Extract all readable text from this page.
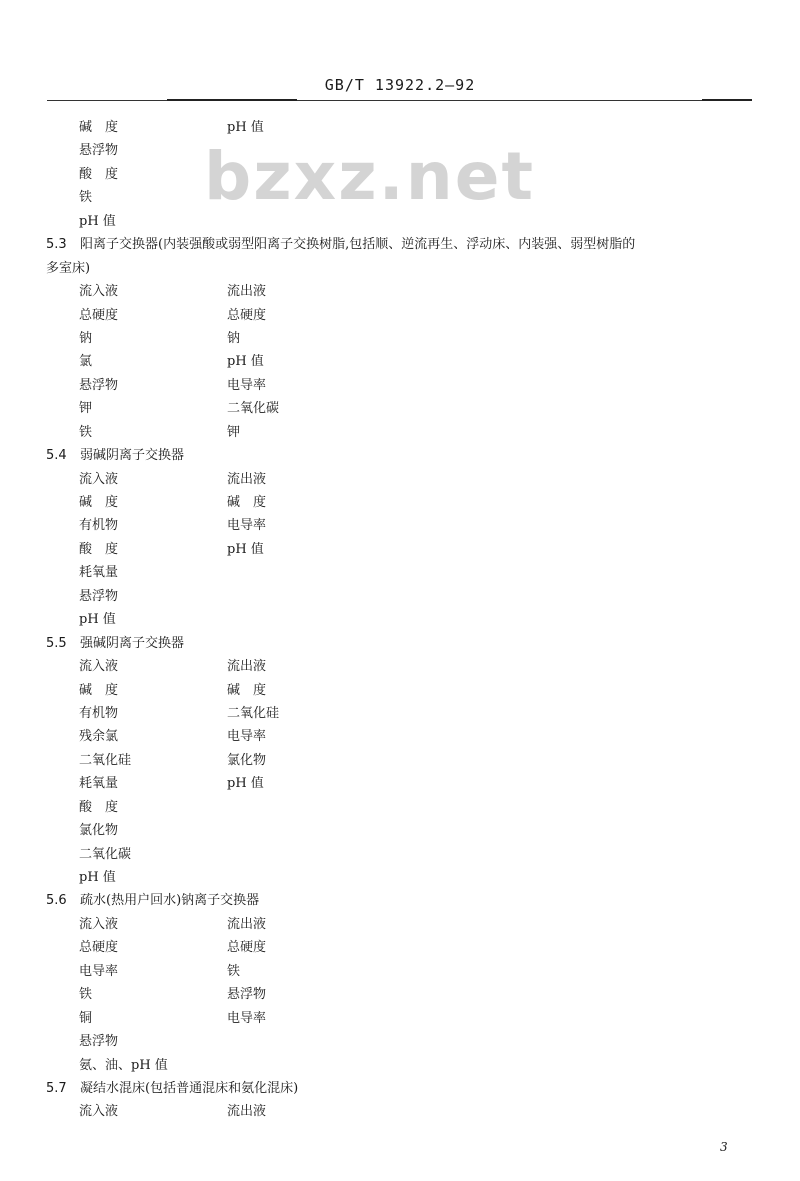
GB/T 13922.2—92
bzxz.net
碱　度	pH 值
悬浮物
酸　度
铁
pH 值
5.3 阳离子交换器(内装强酸或弱型阳离子交换树脂,包括顺、逆流再生、浮动床、内装强、弱型树脂的
多室床)
流入液	流出液
总硬度	总硬度
钠	钠
氯	pH 值
悬浮物	电导率
钾	二氧化碳
铁	钾
5.4 弱碱阴离子交换器
流入液	流出液
碱　度	碱　度
有机物	电导率
酸　度	pH 值
耗氧量
悬浮物
pH 值
5.5 强碱阴离子交换器
流入液	流出液
碱　度	碱　度
有机物	二氧化硅
残余氯	电导率
二氧化硅	氯化物
耗氧量	pH 值
酸　度
氯化物
二氧化碳
pH 值
5.6 疏水(热用户回水)钠离子交换器
流入液	流出液
总硬度	总硬度
电导率	铁
铁	悬浮物
铜	电导率
悬浮物
氨、油、pH 值
5.7 凝结水混床(包括普通混床和氨化混床)
流入液	流出液
3
